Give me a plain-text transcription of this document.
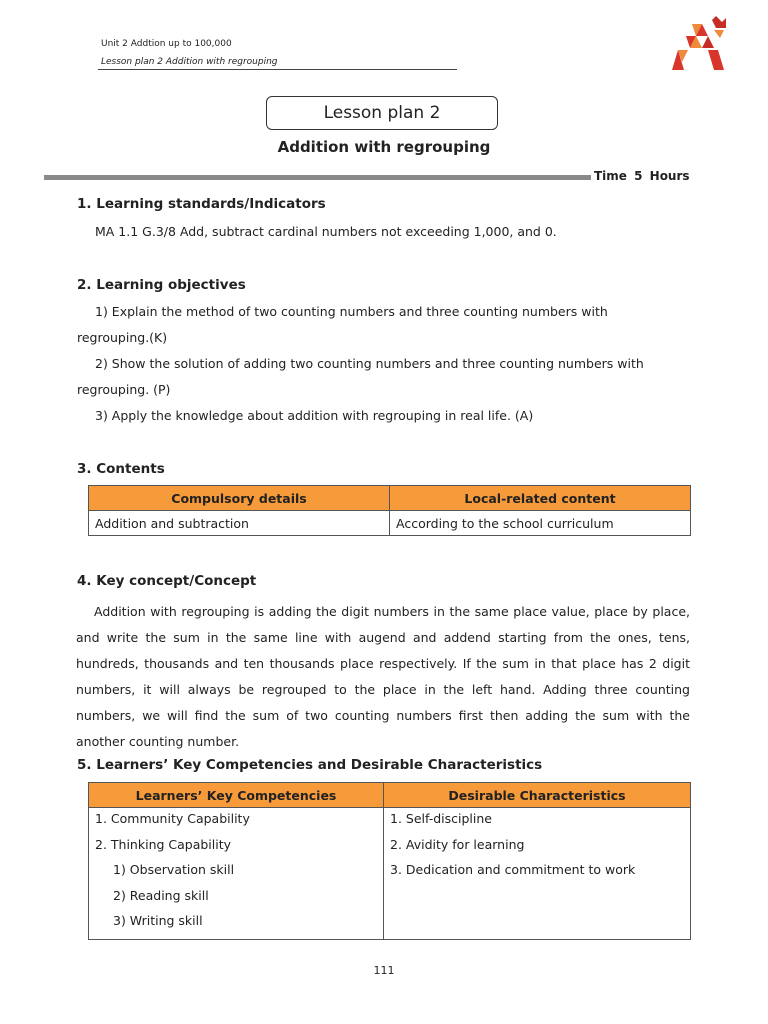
Unit 2 Addtion up to 100,000
Lesson plan 2 Addition with regrouping
Lesson plan 2
Addition with regrouping
Time 5 Hours
1. Learning standards/Indicators
MA 1.1 G.3/8 Add, subtract cardinal numbers not exceeding 1,000, and 0.
2. Learning objectives
1) Explain the method of two counting numbers and three counting numbers with
regrouping.(K)
2) Show the solution of adding two counting numbers and three counting numbers with
regrouping. (P)
3) Apply the knowledge about addition with regrouping in real life. (A)
3. Contents
Compulsory details	Local-related content
Addition and subtraction	According to the school curriculum
4. Key concept/Concept
Addition with regrouping is adding the digit numbers in the same place value, place by place, and write the sum in the same line with augend and addend starting from the ones, tens, hundreds, thousands and ten thousands place respectively. If the sum in that place has 2 digit numbers, it will always be regrouped to the place in the left hand. Adding three counting numbers, we will find the sum of two counting numbers first then adding the sum with the another counting number.
5. Learners’ Key Competencies and Desirable Characteristics
Learners’ Key Competencies	Desirable Characteristics

1. Community Capability
2. Thinking Capability
1) Observation skill
2) Reading skill
3) Writing skill	1. Self-discipline
2. Avidity for learning
3. Dedication and commitment to work
111
